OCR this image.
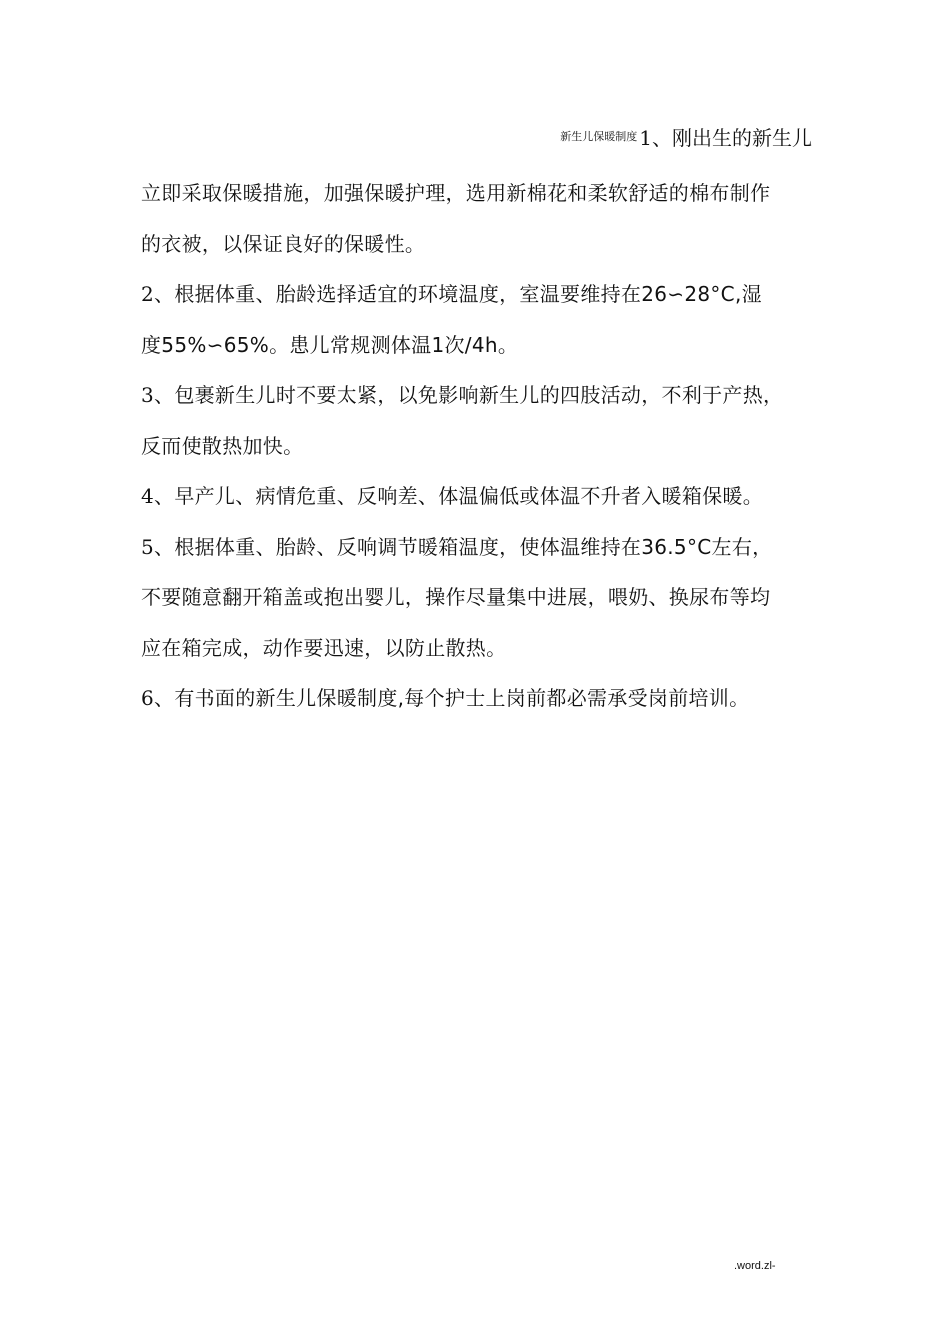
$^{新生儿保暖制度}$ 1、刚出生的新生儿

立即采取保暖措施，加强保暖护理，选用新棉花和柔软舒适的棉布制作

的衣被，以保证良好的保暖性。

2、根据体重、胎龄选择适宜的环境温度，室温要维持在26∽28°C,湿

度55%∽65%。患儿常规测体温1次/4h。

3、包裹新生儿时不要太紧，以免影响新生儿的四肢活动，不利于产热，

反而使散热加快。

4、早产儿、病情危重、反响差、体温偏低或体温不升者入暖箱保暖。

5、根据体重、胎龄、反响调节暖箱温度，使体温维持在36.5°C左右，

不要随意翻开箱盖或抱出婴儿，操作尽量集中进展，喂奶、换尿布等均

应在箱完成，动作要迅速，以防止散热。

6、有书面的新生儿保暖制度,每个护士上岗前都必需承受岗前培训。

.word.zl-
